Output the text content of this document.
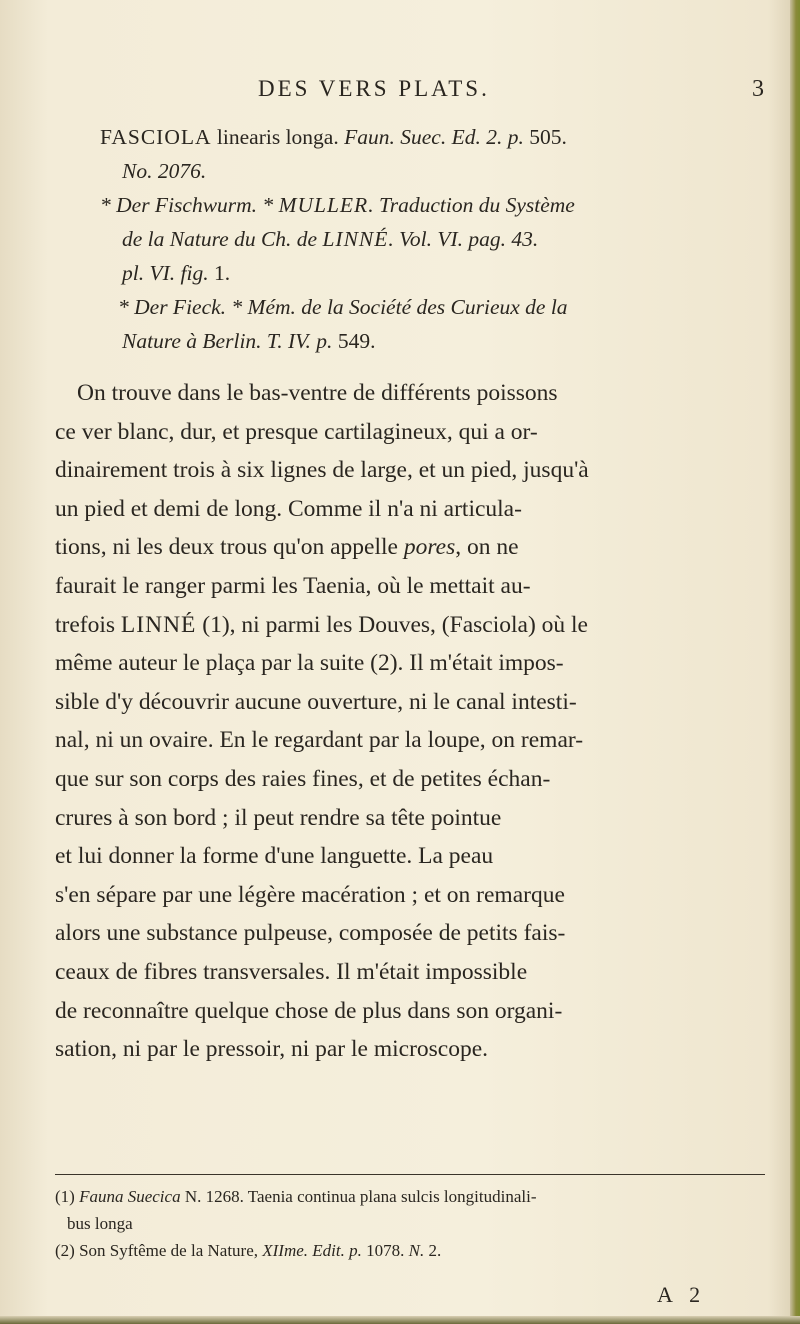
DES VERS PLATS.	3

FASCIOLA linearis longa. Faun. Suec. Ed. 2. p. 505.

No. 2076.

* Der Fischwurm. * MULLER. Traduction du Système

de la Nature du Ch. de LINNÉ. Vol. VI. pag. 43.

pl. VI. fig. 1.

* Der Fieck. * Mém. de la Société des Curieux de la

Nature à Berlin. T. IV. p. 549.

On trouve dans le bas-ventre de différents poissons

ce ver blanc, dur, et presque cartilagineux, qui a or-

dinairement trois à six lignes de large, et un pied, jusqu'à

un pied et demi de long. Comme il n'a ni articula-

tions, ni les deux trous qu'on appelle pores, on ne

faurait le ranger parmi les Taenia, où le mettait au-

trefois LINNÉ (1), ni parmi les Douves, (Fasciola) où le

même auteur le plaça par la suite (2). Il m'était impos-

sible d'y découvrir aucune ouverture, ni le canal intesti-

nal, ni un ovaire. En le regardant par la loupe, on remar-

que sur son corps des raies fines, et de petites échan-

crures à son bord ; il peut rendre sa tête pointue

et lui donner la forme d'une languette. La peau

s'en sépare par une légère macération ; et on remarque

alors une substance pulpeuse, composée de petits fais-

ceaux de fibres transversales. Il m'était impossible

de reconnaître quelque chose de plus dans son organi-

sation, ni par le pressoir, ni par le microscope.

(1) Fauna Suecica N. 1268. Taenia continua plana sulcis longitudinali-

bus longa

(2) Son Syftême de la Nature, XIIme. Edit. p. 1078. N. 2.

A 2
